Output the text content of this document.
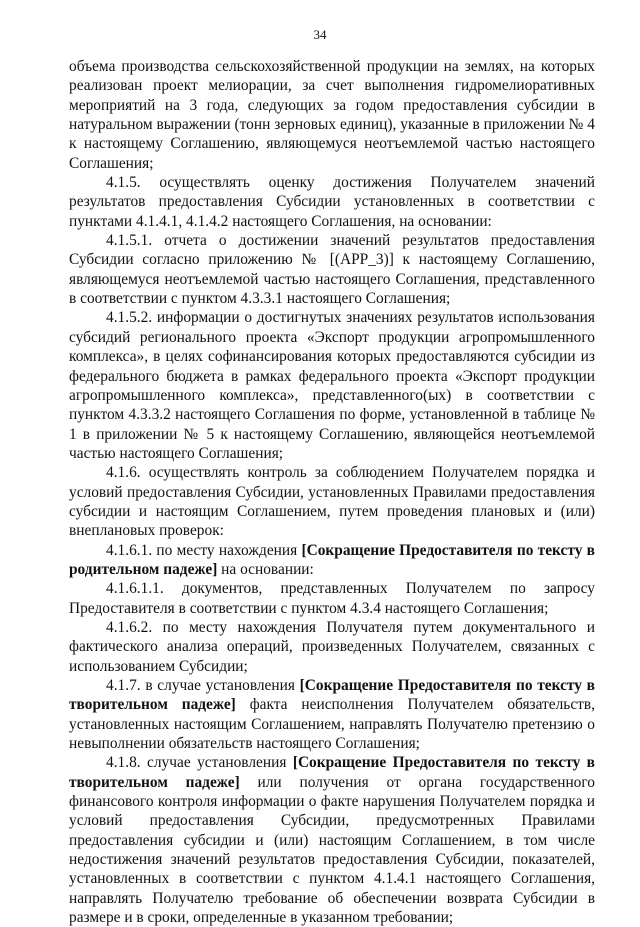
34

объема производства сельскохозяйственной продукции на землях, на которых реализован проект мелиорации, за счет выполнения гидромелиоративных мероприятий на 3 года, следующих за годом предоставления субсидии в натуральном выражении (тонн зерновых единиц), указанные в приложении № 4 к настоящему Соглашению, являющемуся неотъемлемой частью настоящего Соглашения;

4.1.5. осуществлять оценку достижения Получателем значений результатов предоставления Субсидии установленных в соответствии с пунктами 4.1.4.1, 4.1.4.2 настоящего Соглашения, на основании:

4.1.5.1. отчета о достижении значений результатов предоставления Субсидии согласно приложению № [(APP_3)] к настоящему Соглашению, являющемуся неотъемлемой частью настоящего Соглашения, представленного в соответствии с пунктом 4.3.3.1 настоящего Соглашения;

4.1.5.2. информации о достигнутых значениях результатов использования субсидий регионального проекта «Экспорт продукции агропромышленного комплекса», в целях софинансирования которых предоставляются субсидии из федерального бюджета в рамках федерального проекта «Экспорт продукции агропромышленного комплекса», представленного(ых) в соответствии с пунктом 4.3.3.2 настоящего Соглашения по форме, установленной в таблице № 1 в приложении № 5 к настоящему Соглашению, являющейся неотъемлемой частью настоящего Соглашения;

4.1.6. осуществлять контроль за соблюдением Получателем порядка и условий предоставления Субсидии, установленных Правилами предоставления субсидии и настоящим Соглашением, путем проведения плановых и (или) внеплановых проверок:

4.1.6.1. по месту нахождения [Сокращение Предоставителя по тексту в родительном падеже] на основании:

4.1.6.1.1. документов, представленных Получателем по запросу Предоставителя в соответствии с пунктом 4.3.4 настоящего Соглашения;

4.1.6.2. по месту нахождения Получателя путем документального и фактического анализа операций, произведенных Получателем, связанных с использованием Субсидии;

4.1.7. в случае установления [Сокращение Предоставителя по тексту в творительном падеже] факта неисполнения Получателем обязательств, установленных настоящим Соглашением, направлять Получателю претензию о невыполнении обязательств настоящего Соглашения;

4.1.8. случае установления [Сокращение Предоставителя по тексту в творительном падеже] или получения от органа государственного финансового контроля информации о факте нарушения Получателем порядка и условий предоставления Субсидии, предусмотренных Правилами предоставления субсидии и (или) настоящим Соглашением, в том числе недостижения значений результатов предоставления Субсидии, показателей, установленных в соответствии с пунктом 4.1.4.1 настоящего Соглашения, направлять Получателю требование об обеспечении возврата Субсидии в размере и в сроки, определенные в указанном требовании;
